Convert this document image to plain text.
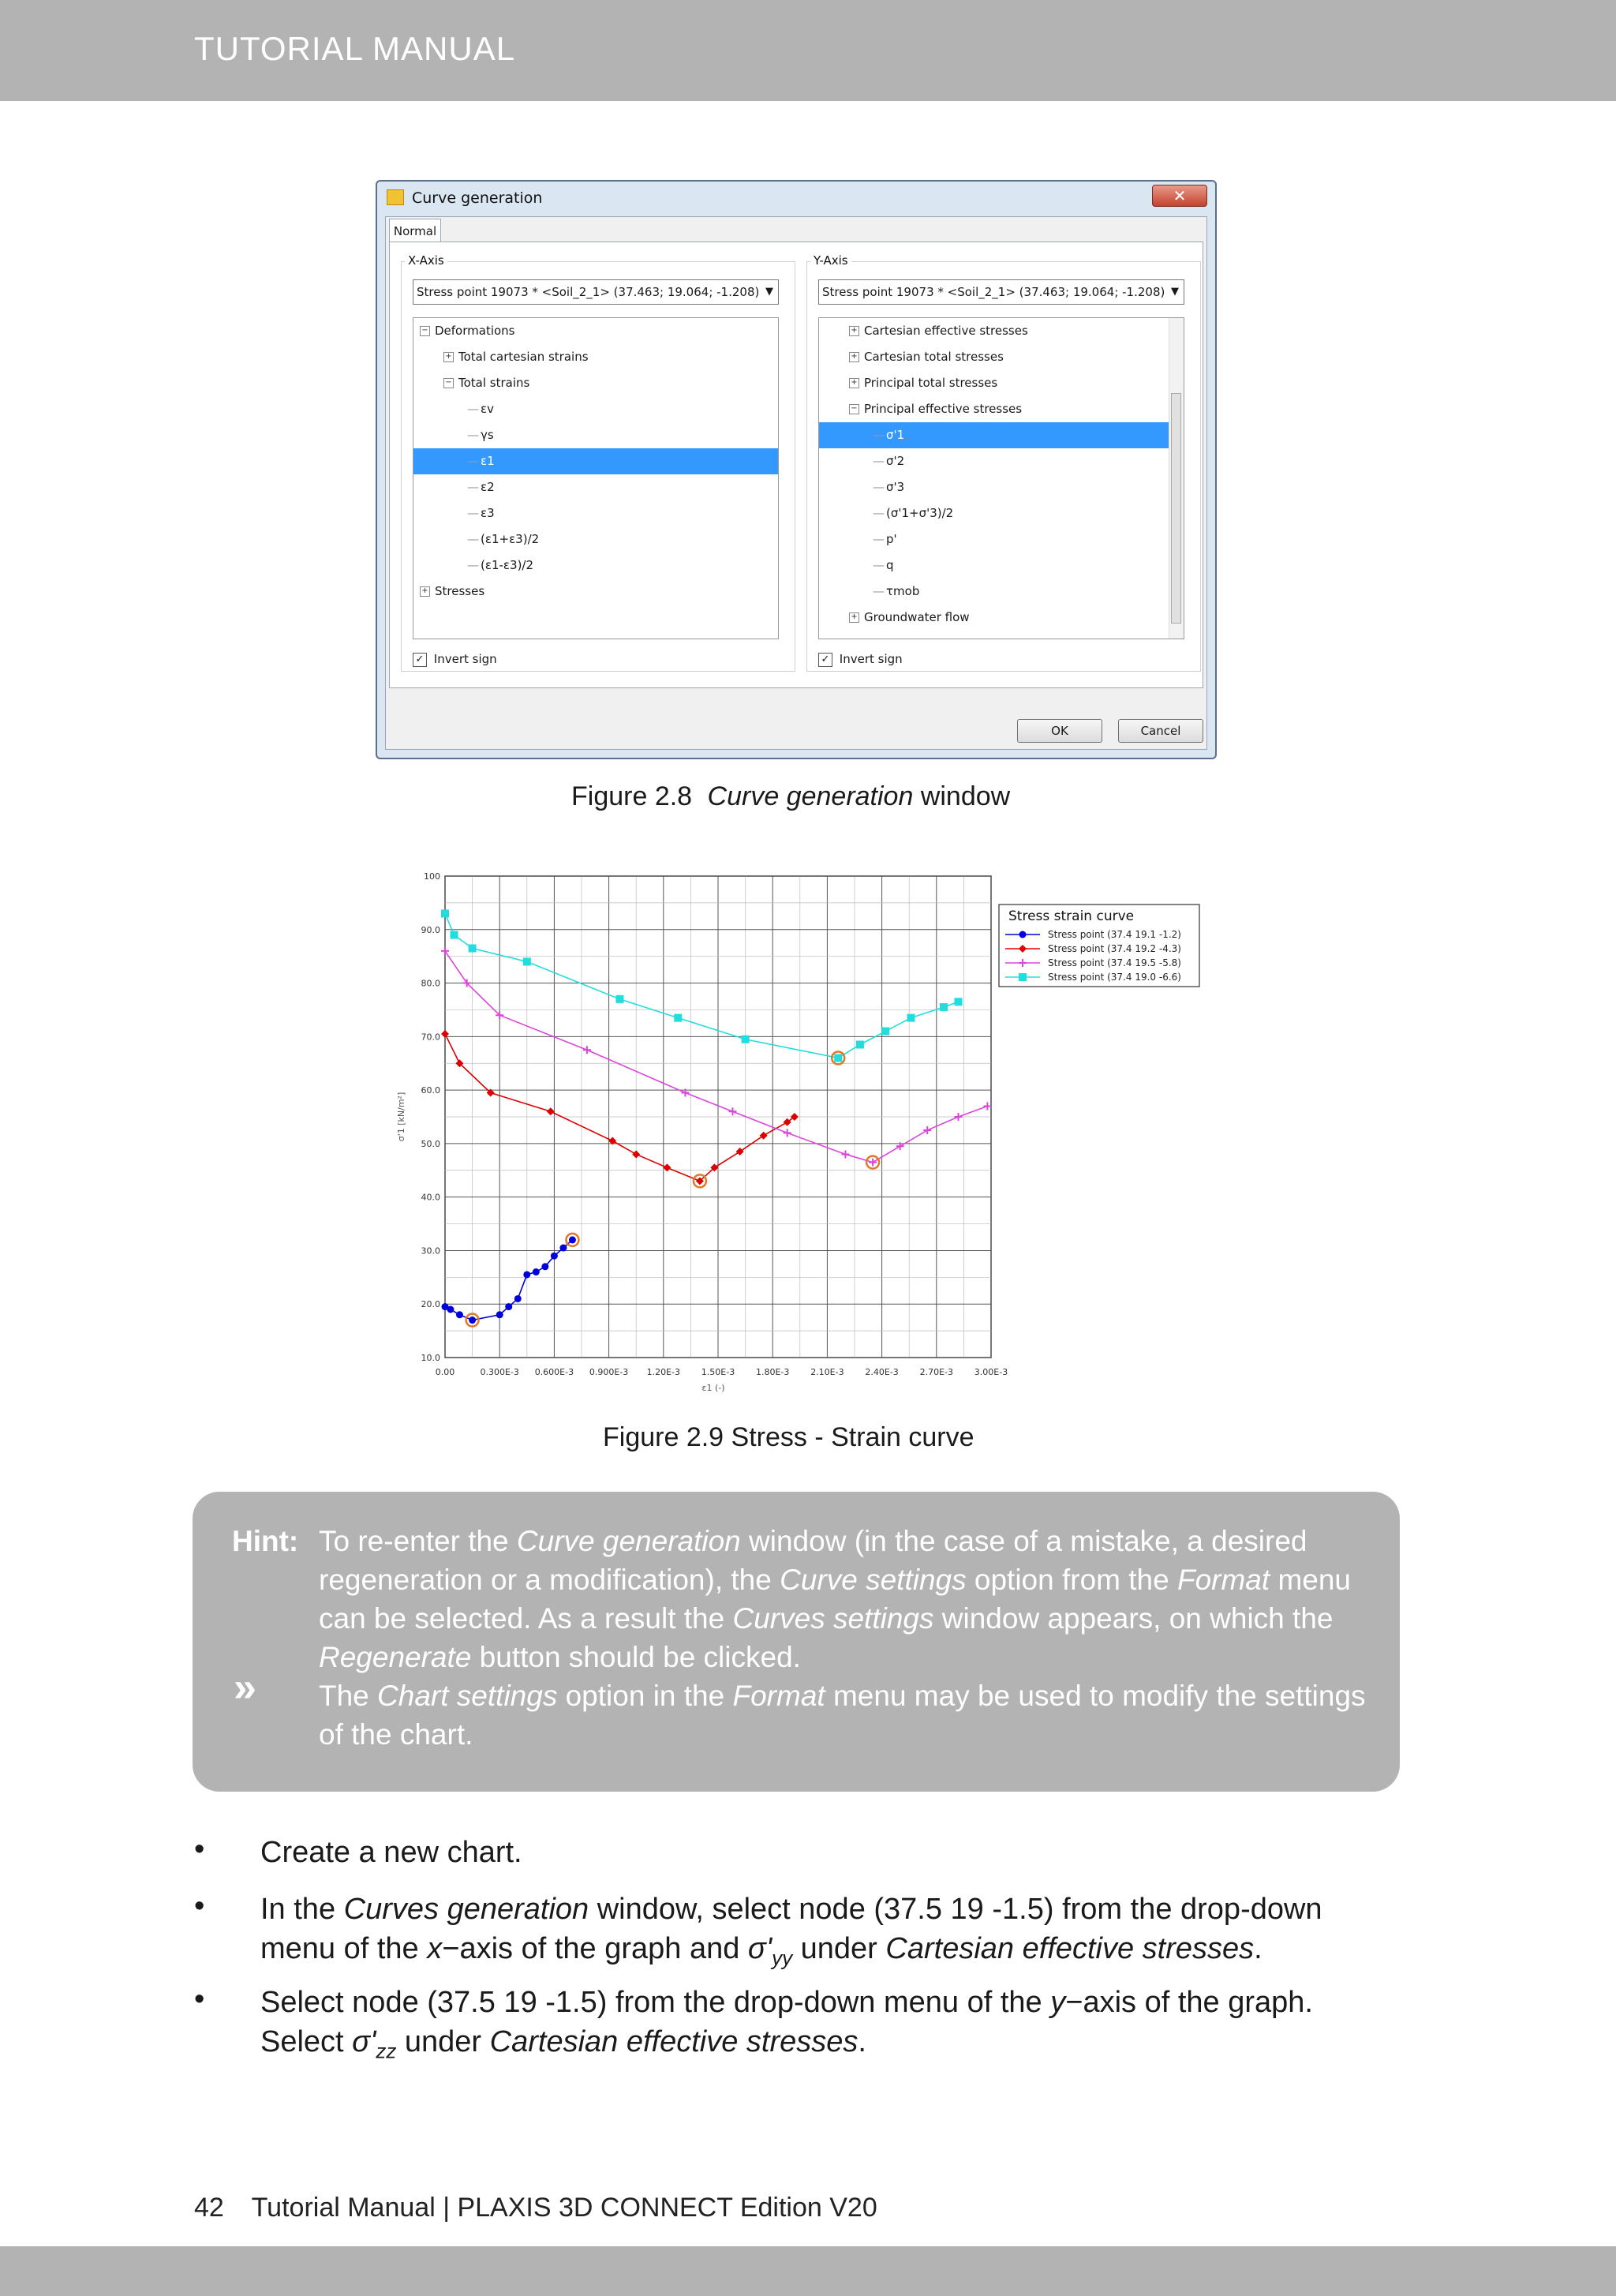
TUTORIAL MANUAL
Curve generation	✕
Normal
X-Axis
Stress point 19073 * <Soil_2_1> (37.463; 19.064; -1.208) ▼
− Deformations
+ Total cartesian strains
− Total strains
— εv
— γs
— ε1
— ε2
— ε3
— (ε1+ε3)/2
— (ε1-ε3)/2
+ Stresses
✓ Invert sign
Y-Axis
Stress point 19073 * <Soil_2_1> (37.463; 19.064; -1.208) ▼
+ Cartesian effective stresses
+ Cartesian total stresses
+ Principal total stresses
− Principal effective stresses
— σ'1
— σ'2
— σ'3
— (σ'1+σ'3)/2
— p'
— q
— τmob
+ Groundwater flow
✓ Invert sign
OK	Cancel
Figure 2.8 Curve generation window
0.00	0.300E-3 0.600E-3 0.900E-3 1.20E-3 1.50E-3 1.80E-3 2.10E-3 2.40E-3 2.70E-3 3.00E-3
10.0
20.0
30.0
40.0
50.0
60.0
70.0
80.0
90.0
100
ε1 (-)
σ'1 [kN/m²]
Stress strain curve
Stress point (37.4 19.1 -1.2)
Stress point (37.4 19.2 -4.3)
Stress point (37.4 19.5 -5.8)
Stress point (37.4 19.0 -6.6)
Figure 2.9 Stress - Strain curve
Hint:
»
To re-enter the Curve generation window (in the case of a mistake, a desired regeneration or a modification), the Curve settings option from the Format menu can be selected. As a result the Curves settings window appears, on which the Regenerate button should be clicked.
The Chart settings option in the Format menu may be used to modify the settings of the chart.
• Create a new chart.
• In the Curves generation window, select node (37.5 19 -1.5) from the drop-down menu of the x−axis of the graph and $\sigma'_{yy}$ under Cartesian effective stresses.
• Select node (37.5 19 -1.5) from the drop-down menu of the y−axis of the graph. Select $\sigma'_{zz}$ under Cartesian effective stresses.
42 Tutorial Manual | PLAXIS 3D CONNECT Edition V20
